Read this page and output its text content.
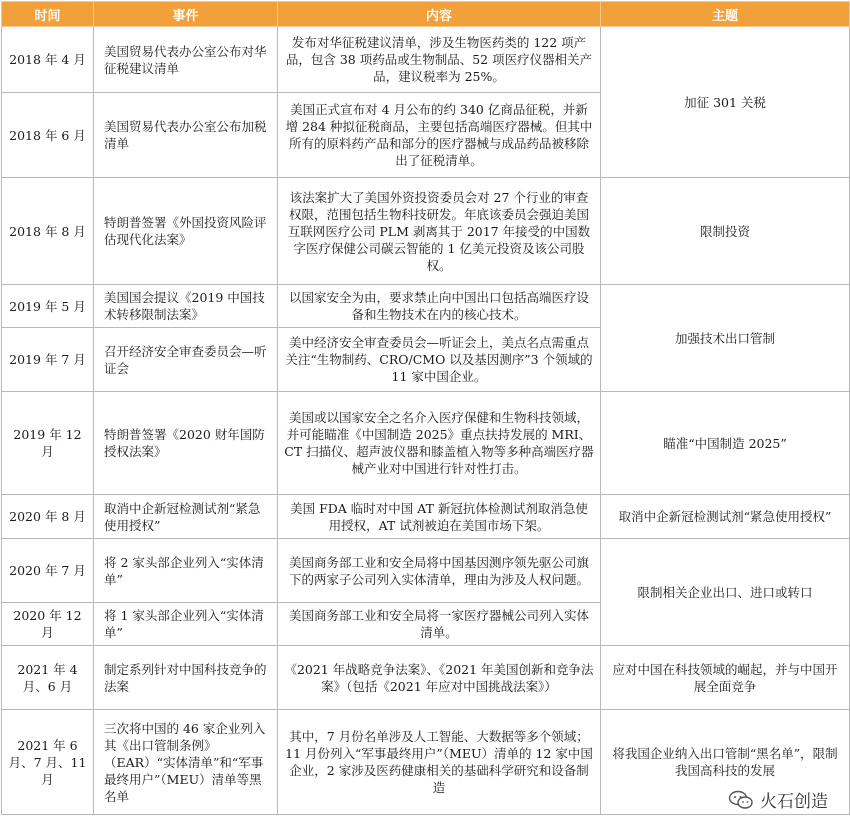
时间	事件	内容	主题
2018 年 4 月	美国贸易代表办公室公布对华征税建议清单	发布对华征税建议清单，涉及生物医药类的 122 项产品，包含 38 项药品或生物制品、52 项医疗仪器相关产品，建议税率为 25%。	加征 301 关税
2018 年 6 月	美国贸易代表办公室公布加税清单	美国正式宣布对 4 月公布的约 340 亿商品征税，并新增 284 种拟征税商品，主要包括高端医疗器械。但其中所有的原料药产品和部分的医疗器械与成品药品被移除出了征税清单。	
2018 年 8 月	特朗普签署《外国投资风险评估现代化法案》	该法案扩大了美国外资投资委员会对 27 个行业的审查权限，范围包括生物科技研发。年底该委员会强迫美国互联网医疗公司 PLM 剥离其于 2017 年接受的中国数字医疗保健公司碳云智能的 1 亿美元投资及该公司股权。	限制投资
2019 年 5 月	美国国会提议《2019 中国技术转移限制法案》	以国家安全为由，要求禁止向中国出口包括高端医疗设备和生物技术在内的核心技术。	加强技术出口管制
2019 年 7 月	召开经济安全审查委员会—听证会	美中经济安全审查委员会—听证会上，美点名点需重点关注“生物制药、CRO/CMO 以及基因测序”3 个领域的 11 家中国企业。	
2019 年 12 月	特朗普签署《2020 财年国防授权法案》	美国或以国家安全之名介入医疗保健和生物科技领域，并可能瞄准《中国制造 2025》重点扶持发展的 MRI、CT 扫描仪、超声波仪器和膝盖植入物等多种高端医疗器械产业对中国进行针对性打击。	瞄准“中国制造 2025”
2020 年 8 月	取消中企新冠检测试剂“紧急使用授权”	美国 FDA 临时对中国 AT 新冠抗体检测试剂取消急使用授权，AT 试剂被迫在美国市场下架。	取消中企新冠检测试剂“紧急使用授权”
2020 年 7 月	将 2 家头部企业列入“实体清单”	美国商务部工业和安全局将中国基因测序领先驱公司旗下的两家子公司列入实体清单，理由为涉及人权问题。	限制相关企业出口、进口或转口
2020 年 12 月	将 1 家头部企业列入“实体清单”	美国商务部工业和安全局将一家医疗器械公司列入实体清单。	
2021 年 4 月、6 月	制定系列针对中国科技竞争的法案	《2021 年战略竞争法案》、《2021 年美国创新和竞争法案》（包括《2021 年应对中国挑战法案》）	应对中国在科技领域的崛起，并与中国开展全面竞争
2021 年 6 月、7 月、11 月	三次将中国的 46 家企业列入其《出口管制条例》（EAR）“实体清单”和“军事最终用户”（MEU）清单等黑名单	其中，7 月份名单涉及人工智能、大数据等多个领域；11 月份列入“军事最终用户”（MEU）清单的 12 家中国企业，2 家涉及医药健康相关的基础科学研究和设备制造	将我国企业纳入出口管制“黑名单”，限制我国高科技的发展
火石创造
